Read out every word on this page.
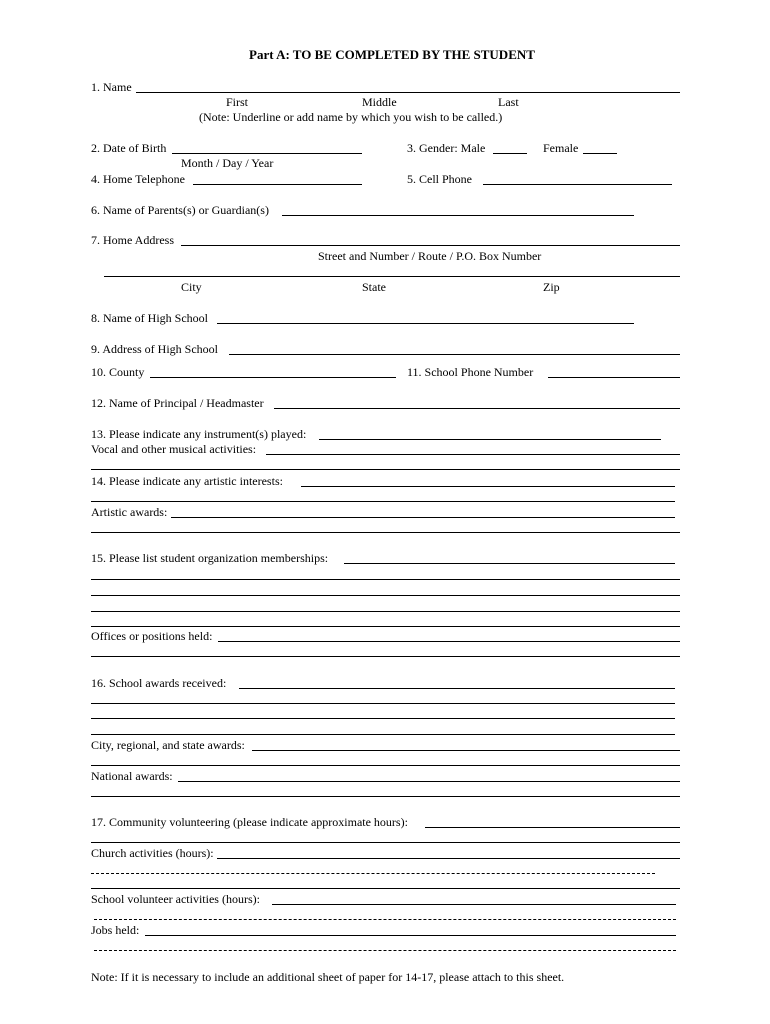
Part A: TO BE COMPLETED BY THE STUDENT
1. Name
First	Middle	Last
(Note: Underline or add name by which you wish to be called.)
2. Date of Birth
Month / Day / Year
3. Gender: Male	Female
4. Home Telephone	5. Cell Phone
6. Name of Parents(s) or Guardian(s)
7. Home Address
Street and Number / Route / P.O. Box Number
City	State	Zip
8. Name of High School
9. Address of High School
10. County	11. School Phone Number
12. Name of Principal / Headmaster
13. Please indicate any instrument(s) played:
Vocal and other musical activities:
14. Please indicate any artistic interests:
Artistic awards:
15. Please list student organization memberships:
Offices or positions held:
16. School awards received:
City, regional, and state awards:
National awards:
17. Community volunteering (please indicate approximate hours):
Church activities (hours):
School volunteer activities (hours):
Jobs held:
Note: If it is necessary to include an additional sheet of paper for 14-17, please attach to this sheet.
